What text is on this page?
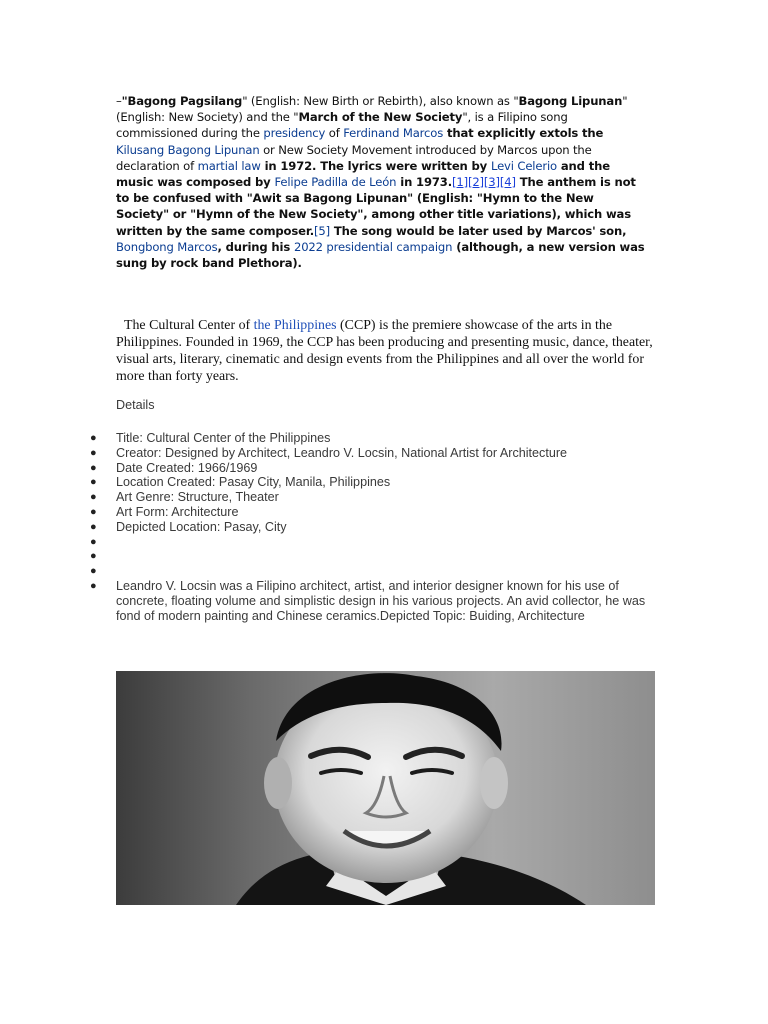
–"Bagong Pagsilang" (English: New Birth or Rebirth), also known as "Bagong Lipunan" (English: New Society) and the "March of the New Society", is a Filipino song commissioned during the presidency of Ferdinand Marcos that explicitly extols the Kilusang Bagong Lipunan or New Society Movement introduced by Marcos upon the declaration of martial law in 1972. The lyrics were written by Levi Celerio and the music was composed by Felipe Padilla de León in 1973.[1][2][3][4] The anthem is not to be confused with "Awit sa Bagong Lipunan" (English: "Hymn to the New Society" or "Hymn of the New Society", among other title variations), which was written by the same composer.[5] The song would be later used by Marcos' son, Bongbong Marcos, during his 2022 presidential campaign (although, a new version was sung by rock band Plethora).
The Cultural Center of the Philippines (CCP) is the premiere showcase of the arts in the Philippines. Founded in 1969, the CCP has been producing and presenting music, dance, theater, visual arts, literary, cinematic and design events from the Philippines and all over the world for more than forty years.
Details
● Title: Cultural Center of the Philippines
● Creator: Designed by Architect, Leandro V. Locsin, National Artist for Architecture
● Date Created: 1966/1969
● Location Created: Pasay City, Manila, Philippines
● Art Genre: Structure, Theater
● Art Form: Architecture
● Depicted Location: Pasay, City
●
●
●
● Leandro V. Locsin was a Filipino architect, artist, and interior designer known for his use of concrete, floating volume and simplistic design in his various projects. An avid collector, he was fond of modern painting and Chinese ceramics.Depicted Topic: Buiding, Architecture
